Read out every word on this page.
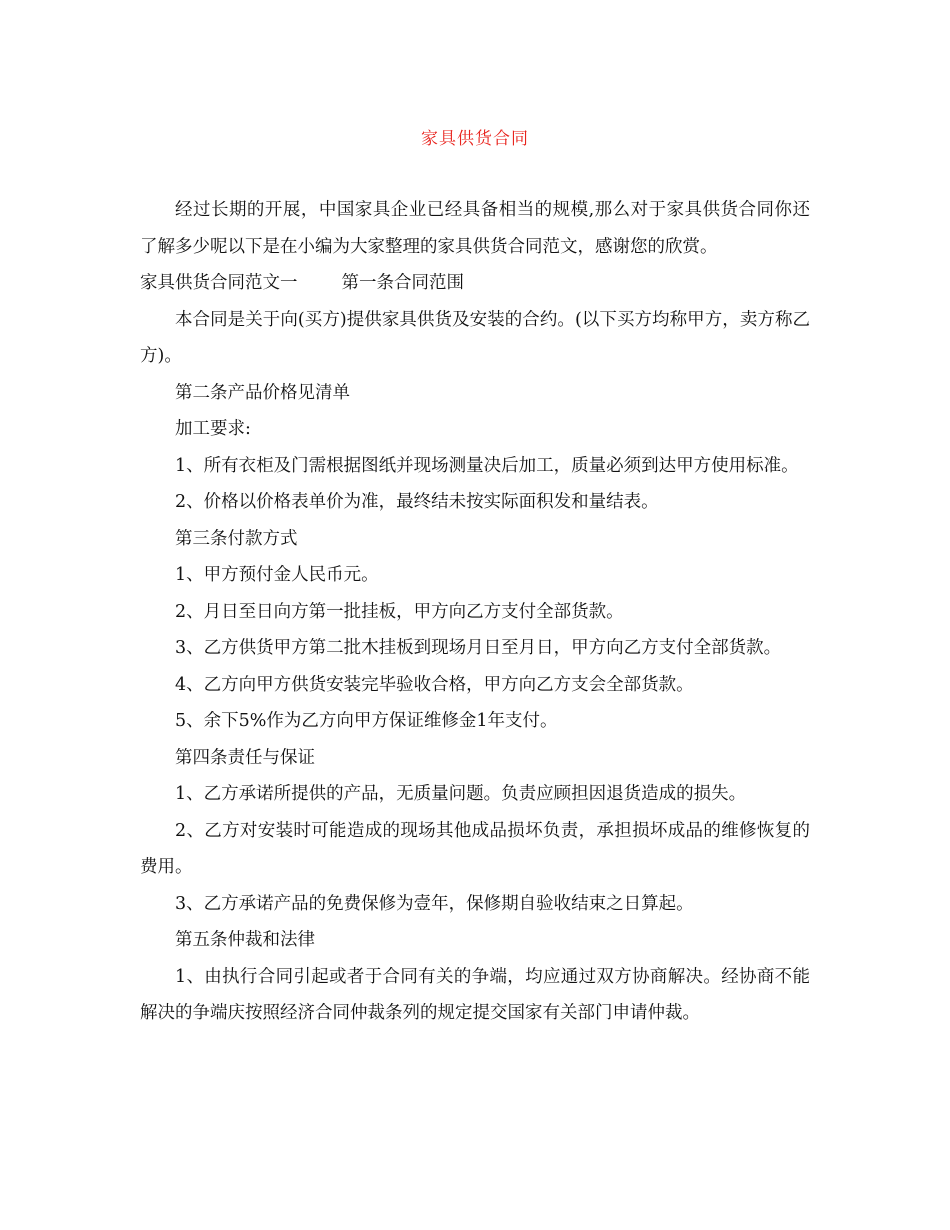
家具供货合同

经过长期的开展，中国家具企业已经具备相当的规模,那么对于家具供货合同你还了解多少呢以下是在小编为大家整理的家具供货合同范文，感谢您的欣赏。

家具供货合同范文一	第一条合同范围

本合同是关于向(买方)提供家具供货及安装的合约。(以下买方均称甲方，卖方称乙方)。

第二条产品价格见清单

加工要求:

1、所有衣柜及门需根据图纸并现场测量决后加工，质量必须到达甲方使用标准。

2、价格以价格表单价为准，最终结未按实际面积发和量结表。

第三条付款方式

1、甲方预付金人民币元。

2、月日至日向方第一批挂板，甲方向乙方支付全部货款。

3、乙方供货甲方第二批木挂板到现场月日至月日，甲方向乙方支付全部货款。

4、乙方向甲方供货安装完毕验收合格，甲方向乙方支会全部货款。

5、余下5%作为乙方向甲方保证维修金1年支付。

第四条责任与保证

1、乙方承诺所提供的产品，无质量问题。负责应顾担因退货造成的损失。

2、乙方对安装时可能造成的现场其他成品损坏负责，承担损坏成品的维修恢复的费用。

3、乙方承诺产品的免费保修为壹年，保修期自验收结束之日算起。

第五条仲裁和法律

1、由执行合同引起或者于合同有关的争端，均应通过双方协商解决。经协商不能解决的争端庆按照经济合同仲裁条列的规定提交国家有关部门申请仲裁。
